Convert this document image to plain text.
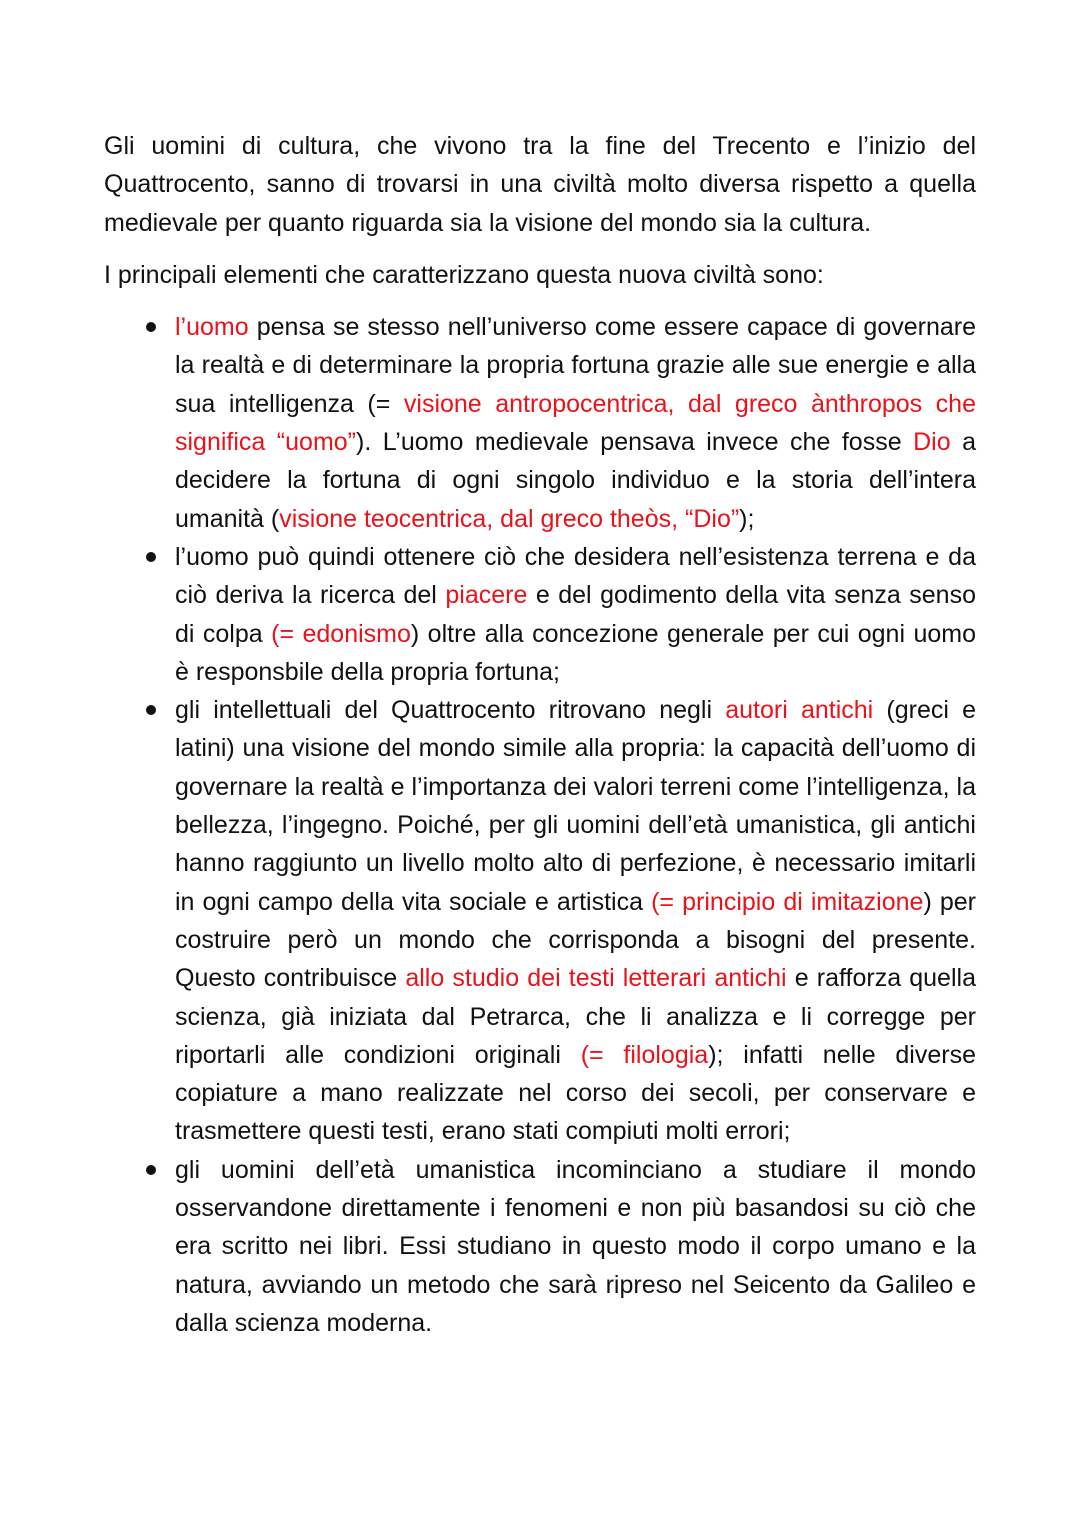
Gli uomini di cultura, che vivono tra la fine del Trecento e l’inizio del Quattrocento, sanno di trovarsi in una civiltà molto diversa rispetto a quella medievale per quanto riguarda sia la visione del mondo sia la cultura.

I principali elementi che caratterizzano questa nuova civiltà sono:

l’uomo pensa se stesso nell’universo come essere capace di governare la realtà e di determinare la propria fortuna grazie alle sue energie e alla sua intelligenza (= visione antropocentrica, dal greco ànthropos che significa “uomo”). L’uomo medievale pensava invece che fosse Dio a decidere la fortuna di ogni singolo individuo e la storia dell’intera umanità (visione teocentrica, dal greco theòs, “Dio”);
l’uomo può quindi ottenere ciò che desidera nell’esistenza terrena e da ciò deriva la ricerca del piacere e del godimento della vita senza senso di colpa (= edonismo) oltre alla concezione generale per cui ogni uomo è responsbile della propria fortuna;
gli intellettuali del Quattrocento ritrovano negli autori antichi (greci e latini) una visione del mondo simile alla propria: la capacità dell’uomo di governare la realtà e l’importanza dei valori terreni come l’intelligenza, la bellezza, l’ingegno. Poiché, per gli uomini dell’età umanistica, gli antichi hanno raggiunto un livello molto alto di perfezione, è necessario imitarli in ogni campo della vita sociale e artistica (= principio di imitazione) per costruire però un mondo che corrisponda a bisogni del presente. Questo contribuisce allo studio dei testi letterari antichi e rafforza quella scienza, già iniziata dal Petrarca, che li analizza e li corregge per riportarli alle condizioni originali (= filologia); infatti nelle diverse copiature a mano realizzate nel corso dei secoli, per conservare e trasmettere questi testi, erano stati compiuti molti errori;
gli uomini dell’età umanistica incominciano a studiare il mondo osservandone direttamente i fenomeni e non più basandosi su ciò che era scritto nei libri. Essi studiano in questo modo il corpo umano e la natura, avviando un metodo che sarà ripreso nel Seicento da Galileo e dalla scienza moderna.
